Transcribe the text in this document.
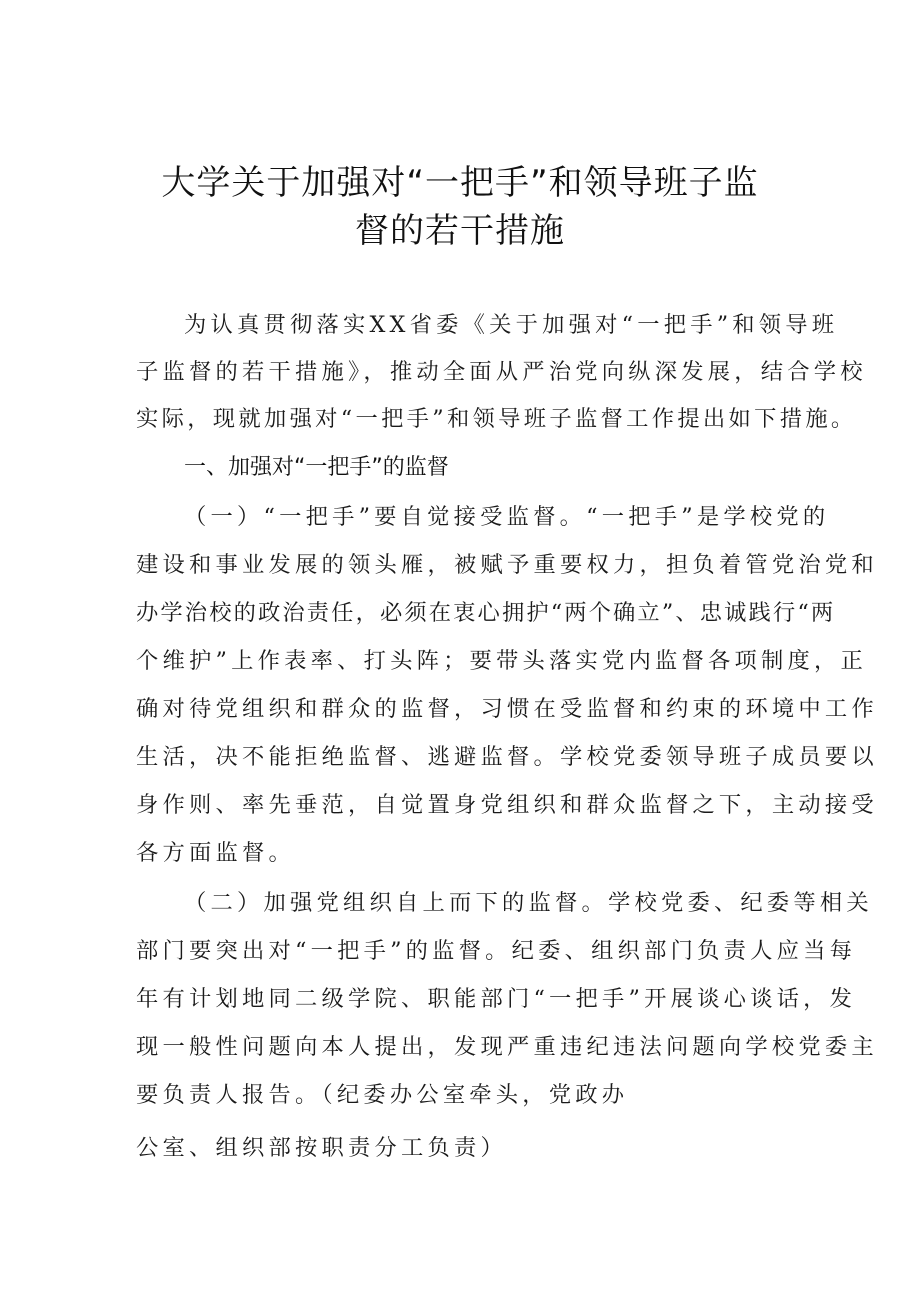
大学关于加强对“一把手”和领导班子监
督的若干措施
为认真贯彻落实XX省委《关于加强对“一把手”和领导班
子监督的若干措施》，推动全面从严治党向纵深发展，结合学校
实际，现就加强对“一把手”和领导班子监督工作提出如下措施。
一、加强对“一把手”的监督
（一）“一把手”要自觉接受监督。“一把手”是学校党的
建设和事业发展的领头雁，被赋予重要权力，担负着管党治党和
办学治校的政治责任，必须在衷心拥护“两个确立”、忠诚践行“两
个维护”上作表率、打头阵；要带头落实党内监督各项制度，正
确对待党组织和群众的监督，习惯在受监督和约束的环境中工作
生活，决不能拒绝监督、逃避监督。学校党委领导班子成员要以
身作则、率先垂范，自觉置身党组织和群众监督之下，主动接受
各方面监督。
（二）加强党组织自上而下的监督。学校党委、纪委等相关
部门要突出对“一把手”的监督。纪委、组织部门负责人应当每
年有计划地同二级学院、职能部门“一把手”开展谈心谈话，发
现一般性问题向本人提出，发现严重违纪违法问题向学校党委主
要负责人报告。（纪委办公室牵头，党政办
公室、组织部按职责分工负责）
